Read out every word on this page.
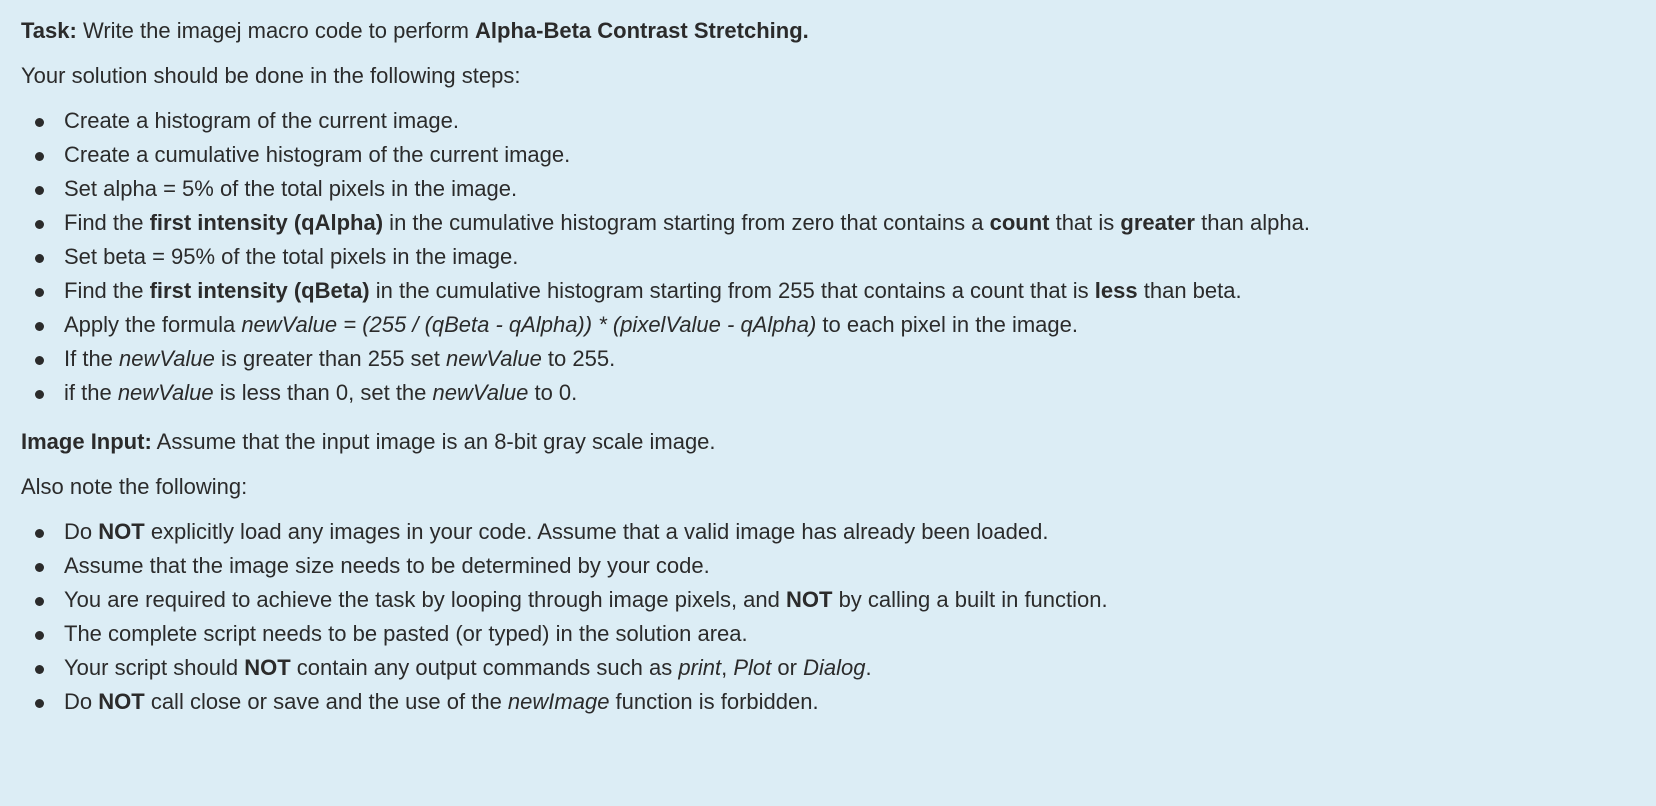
Task: Write the imagej macro code to perform Alpha-Beta Contrast Stretching.

Your solution should be done in the following steps:

Create a histogram of the current image.
Create a cumulative histogram of the current image.
Set alpha = 5% of the total pixels in the image.
Find the first intensity (qAlpha) in the cumulative histogram starting from zero that contains a count that is greater than alpha.
Set beta = 95% of the total pixels in the image.
Find the first intensity (qBeta) in the cumulative histogram starting from 255 that contains a count that is less than beta.
Apply the formula newValue = (255 / (qBeta - qAlpha)) * (pixelValue - qAlpha) to each pixel in the image.
If the newValue is greater than 255 set newValue to 255.
if the newValue is less than 0, set the newValue to 0.

Image Input: Assume that the input image is an 8-bit gray scale image.

Also note the following:

Do NOT explicitly load any images in your code. Assume that a valid image has already been loaded.
Assume that the image size needs to be determined by your code.
You are required to achieve the task by looping through image pixels, and NOT by calling a built in function.
The complete script needs to be pasted (or typed) in the solution area.
Your script should NOT contain any output commands such as print, Plot or Dialog.
Do NOT call close or save and the use of the newImage function is forbidden.
